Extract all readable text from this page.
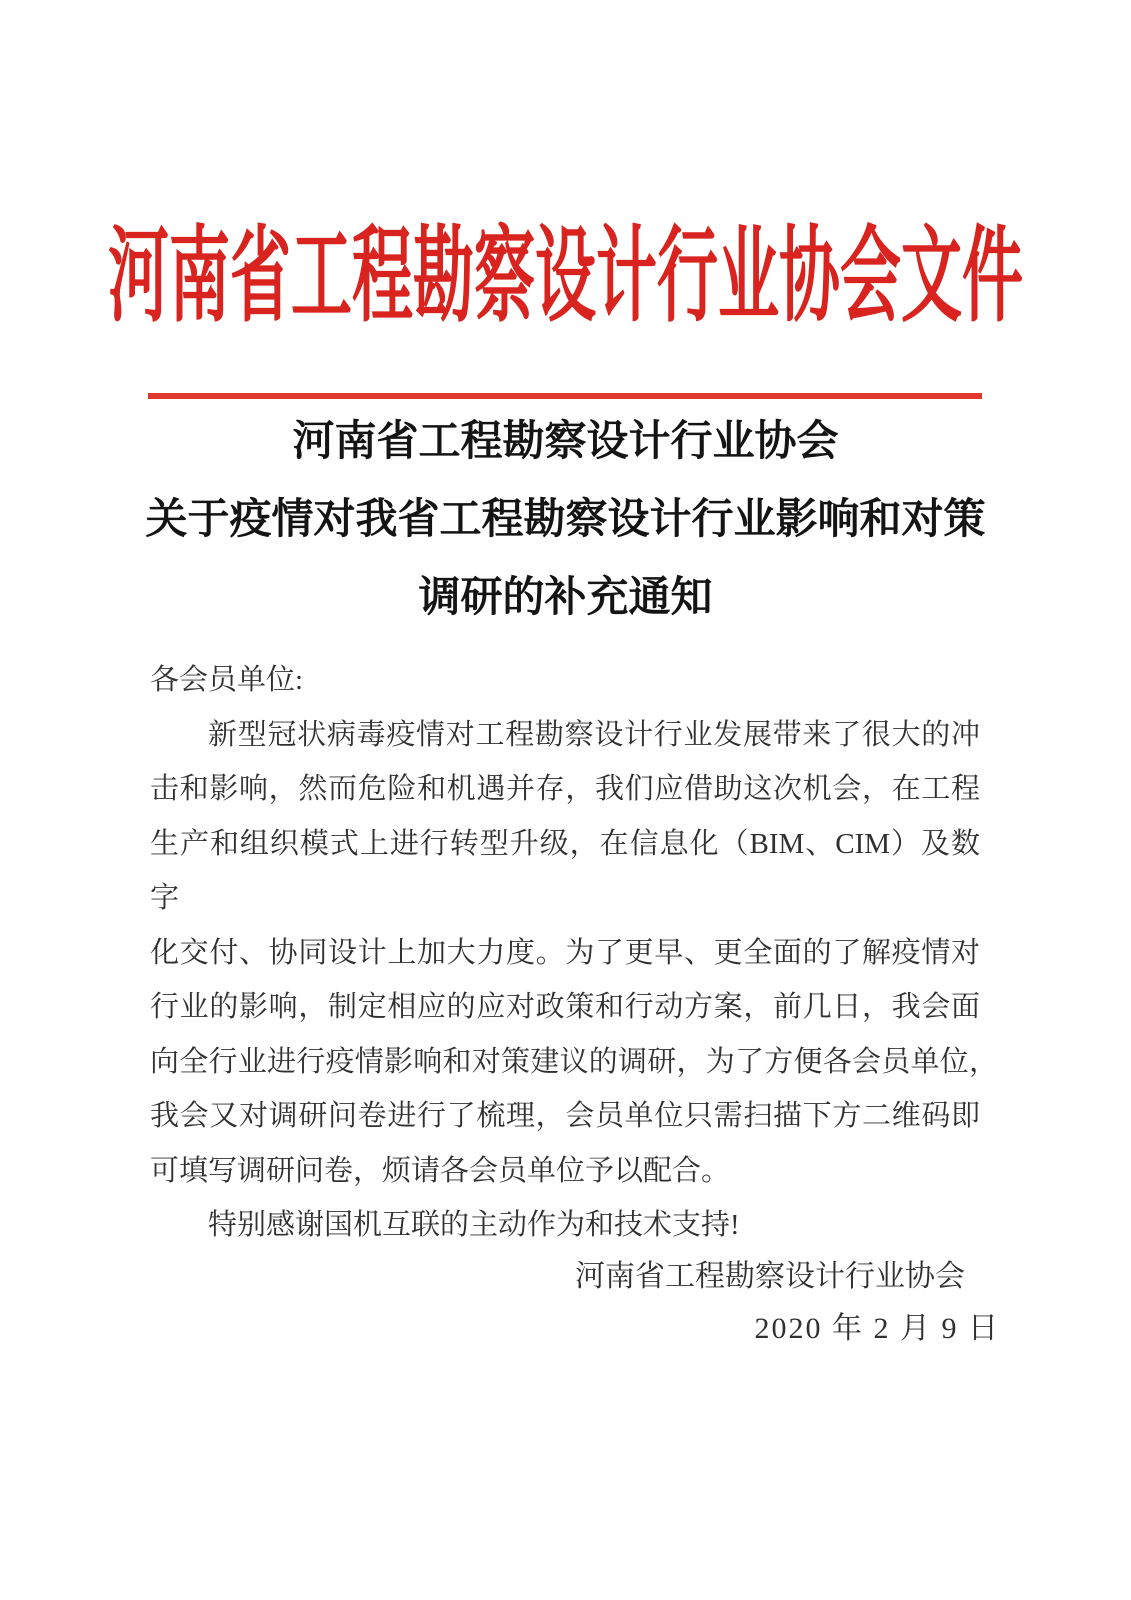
河南省工程勘察设计行业协会文件
河南省工程勘察设计行业协会
关于疫情对我省工程勘察设计行业影响和对策
调研的补充通知
各会员单位:
新型冠状病毒疫情对工程勘察设计行业发展带来了很大的冲
击和影响，然而危险和机遇并存，我们应借助这次机会，在工程
生产和组织模式上进行转型升级，在信息化（BIM、CIM）及数字
化交付、协同设计上加大力度。为了更早、更全面的了解疫情对
行业的影响，制定相应的应对政策和行动方案，前几日，我会面
向全行业进行疫情影响和对策建议的调研，为了方便各会员单位，
我会又对调研问卷进行了梳理，会员单位只需扫描下方二维码即
可填写调研问卷，烦请各会员单位予以配合。
特别感谢国机互联的主动作为和技术支持!
河南省工程勘察设计行业协会
2020 年 2 月 9 日
